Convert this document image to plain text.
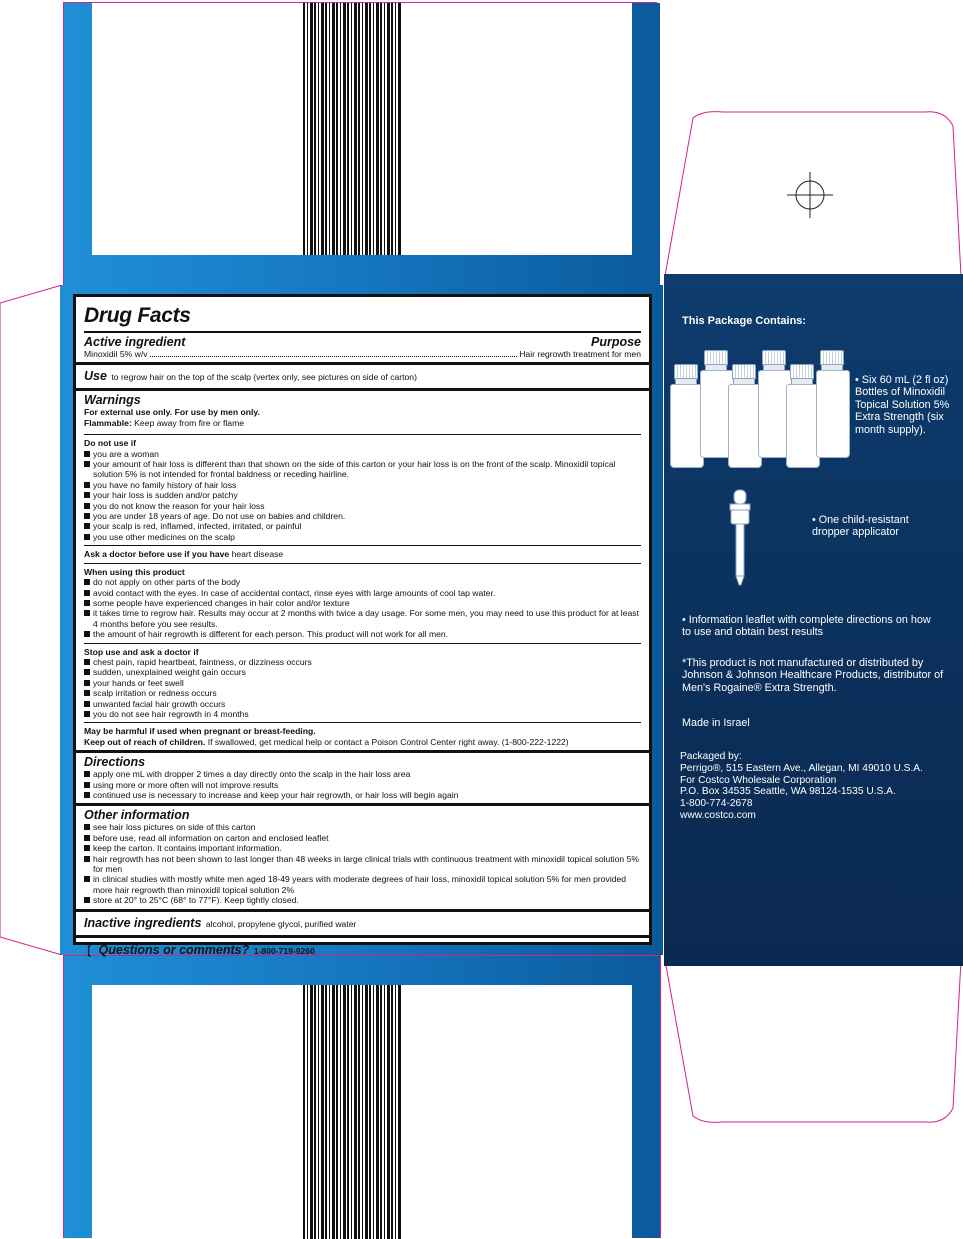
Drug Facts
Active ingredient	Purpose
Minoxidil 5% w/v	Hair regrowth treatment for men
Use to regrow hair on the top of the scalp (vertex only, see pictures on side of carton)
Warnings
For external use only. For use by men only.
Flammable: Keep away from fire or flame
Do not use if
you are a woman
your amount of hair loss is different than that shown on the side of this carton or your hair loss is on the front of the scalp. Minoxidil topical solution 5% is not intended for frontal baldness or receding hairline.
you have no family history of hair loss
your hair loss is sudden and/or patchy
you do not know the reason for your hair loss
you are under 18 years of age. Do not use on babies and children.
your scalp is red, inflamed, infected, irritated, or painful
you use other medicines on the scalp
Ask a doctor before use if you have heart disease
When using this product
do not apply on other parts of the body
avoid contact with the eyes. In case of accidental contact, rinse eyes with large amounts of cool tap water.
some people have experienced changes in hair color and/or texture
it takes time to regrow hair. Results may occur at 2 months with twice a day usage. For some men, you may need to use this product for at least 4 months before you see results.
the amount of hair regrowth is different for each person. This product will not work for all men.
Stop use and ask a doctor if
chest pain, rapid heartbeat, faintness, or dizziness occurs
sudden, unexplained weight gain occurs
your hands or feet swell
scalp irritation or redness occurs
unwanted facial hair growth occurs
you do not see hair regrowth in 4 months
May be harmful if used when pregnant or breast-feeding.
Keep out of reach of children. If swallowed, get medical help or contact a Poison Control Center right away. (1-800-222-1222)
Directions
apply one mL with dropper 2 times a day directly onto the scalp in the hair loss area
using more or more often will not improve results
continued use is necessary to increase and keep your hair regrowth, or hair loss will begin again
Other information
see hair loss pictures on side of this carton
before use, read all information on carton and enclosed leaflet
keep the carton. It contains important information.
hair regrowth has not been shown to last longer than 48 weeks in large clinical trials with continuous treatment with minoxidil topical solution 5% for men
in clinical studies with mostly white men aged 18-49 years with moderate degrees of hair loss, minoxidil topical solution 5% for men provided more hair regrowth than minoxidil topical solution 2%
store at 20° to 25°C (68° to 77°F). Keep tightly closed.
Inactive ingredients alcohol, propylene glycol, purified water
❲ Questions or comments? 1-800-719-9260
This Package Contains:
• Six 60 mL (2 fl oz) Bottles of Minoxidil Topical Solution 5% Extra Strength (six month supply).
• One child-resistant dropper applicator
• Information leaflet with complete directions on how to use and obtain best results
*This product is not manufactured or distributed by Johnson & Johnson Healthcare Products, distributor of Men's Rogaine® Extra Strength.
Made in Israel
Packaged by:
Perrigo®, 515 Eastern Ave., Allegan, MI 49010 U.S.A.
For Costco Wholesale Corporation
P.O. Box 34535 Seattle, WA 98124-1535 U.S.A.
1-800-774-2678
www.costco.com
